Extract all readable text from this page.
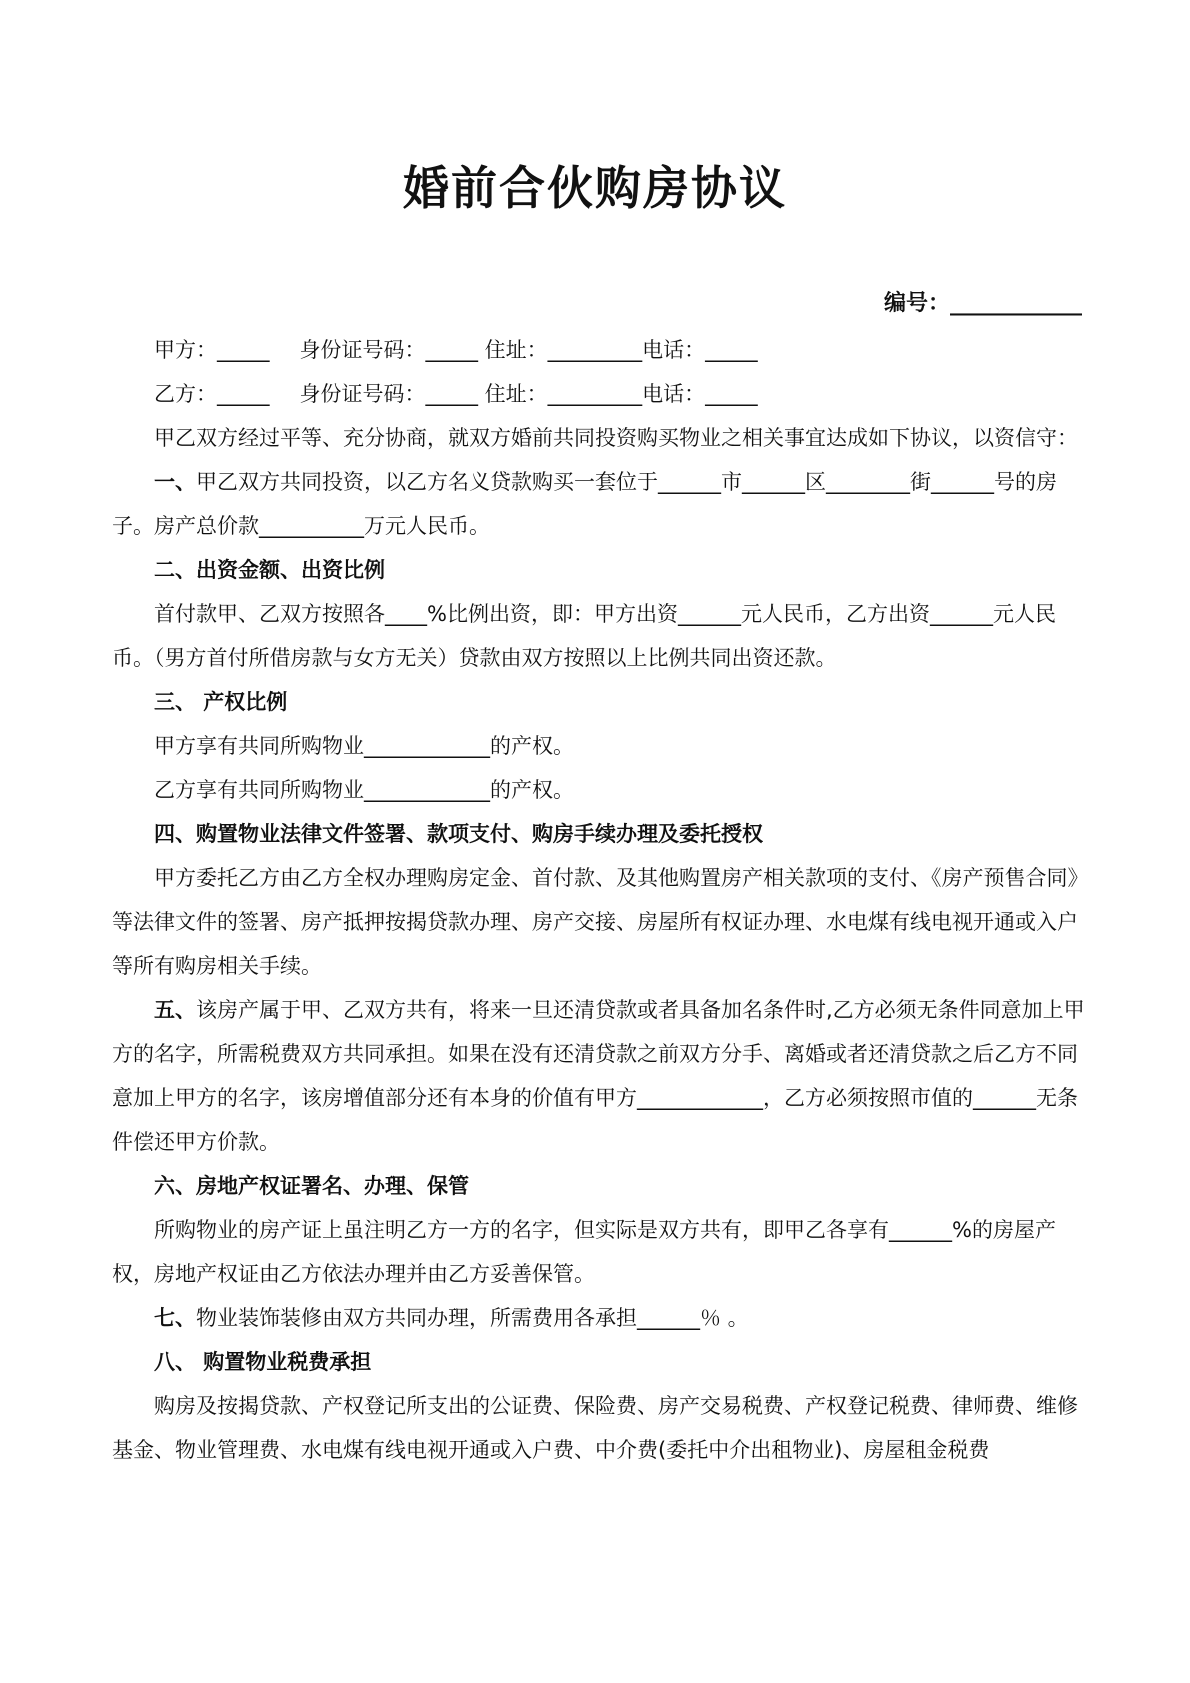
婚前合伙购房协议
编号：____________
甲方：_____ 身份证号码：_____ 住址：_________电话：_____
乙方：_____ 身份证号码：_____ 住址：_________电话：_____

甲乙双方经过平等、充分协商，就双方婚前共同投资购买物业之相关事宜达成如下协议，以资信守：

一、甲乙双方共同投资，以乙方名义贷款购买一套位于______市______区________街______号的房子。房产总价款__________万元人民币。

二、出资金额、出资比例

首付款甲、乙双方按照各____%比例出资，即：甲方出资______元人民币，乙方出资______元人民币。（男方首付所借房款与女方无关）贷款由双方按照以上比例共同出资还款。

三、 产权比例

甲方享有共同所购物业____________的产权。

乙方享有共同所购物业____________的产权。

四、购置物业法律文件签署、款项支付、购房手续办理及委托授权

甲方委托乙方由乙方全权办理购房定金、首付款、及其他购置房产相关款项的支付、《房产预售合同》等法律文件的签署、房产抵押按揭贷款办理、房产交接、房屋所有权证办理、水电煤有线电视开通或入户等所有购房相关手续。

五、该房产属于甲、乙双方共有，将来一旦还清贷款或者具备加名条件时,乙方必须无条件同意加上甲方的名字，所需税费双方共同承担。如果在没有还清贷款之前双方分手、离婚或者还清贷款之后乙方不同意加上甲方的名字，该房增值部分还有本身的价值有甲方____________，乙方必须按照市值的______无条件偿还甲方价款。

六、房地产权证署名、办理、保管

所购物业的房产证上虽注明乙方一方的名字，但实际是双方共有，即甲乙各享有______%的房屋产权，房地产权证由乙方依法办理并由乙方妥善保管。

七、物业装饰装修由双方共同办理，所需费用各承担______％ 。

八、 购置物业税费承担

购房及按揭贷款、产权登记所支出的公证费、保险费、房产交易税费、产权登记税费、律师费、维修基金、物业管理费、水电煤有线电视开通或入户费、中介费(委托中介出租物业)、房屋租金税费
